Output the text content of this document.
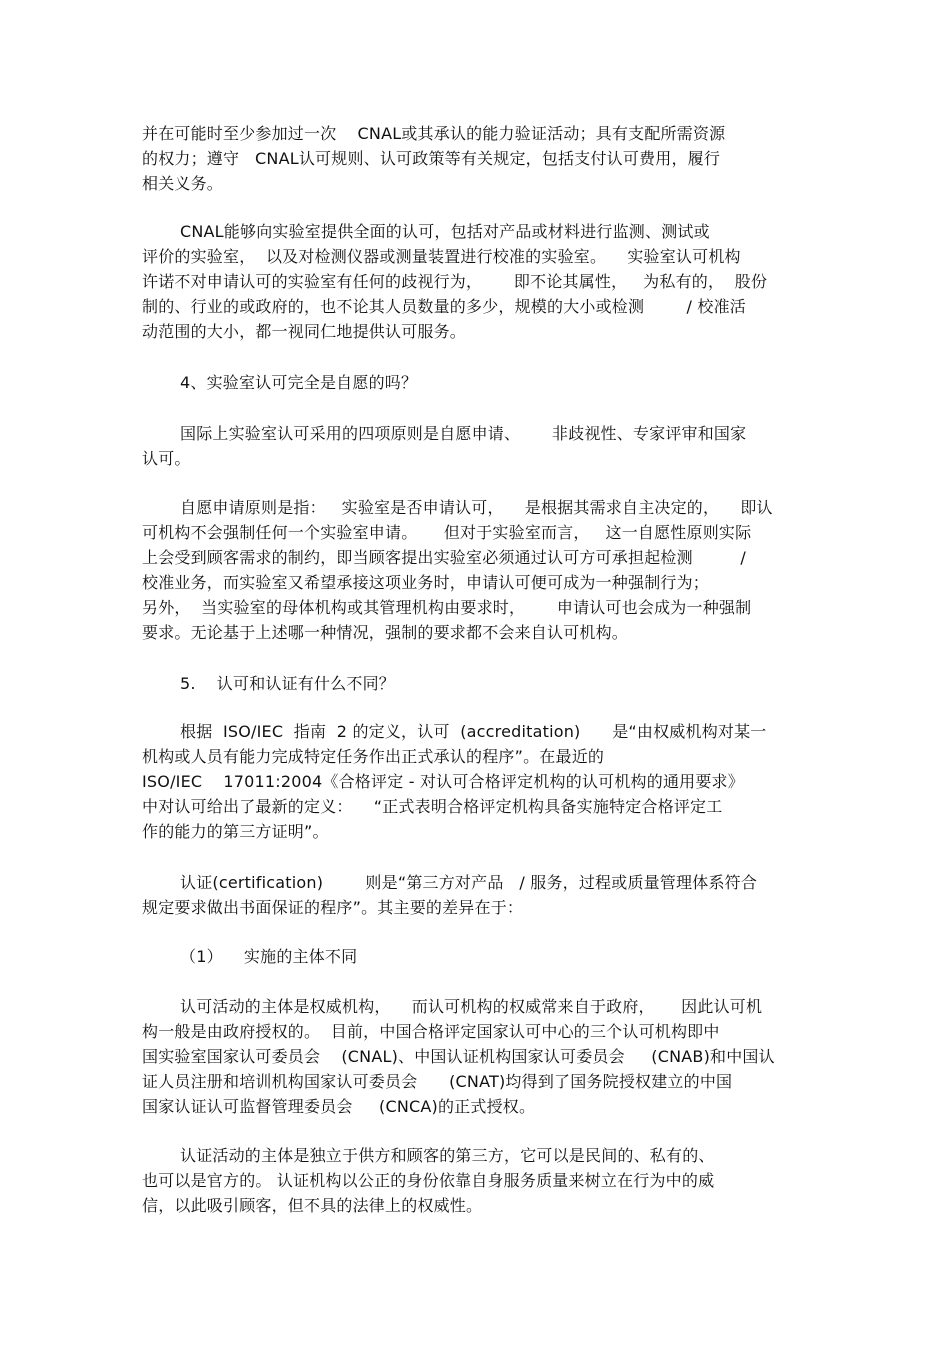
并在可能时至少参加过一次    CNAL或其承认的能力验证活动；具有支配所需资源
的权力；遵守   CNAL认可规则、认可政策等有关规定，包括支付认可费用，履行
相关义务。
CNAL能够向实验室提供全面的认可，包括对产品或材料进行监测、测试或
评价的实验室，  以及对检测仪器或测量装置进行校准的实验室。    实验室认可机构
许诺不对申请认可的实验室有任何的歧视行为，      即不论其属性，   为私有的，  股份
制的、行业的或政府的，也不论其人员数量的多少，规模的大小或检测        / 校准活
动范围的大小，都一视同仁地提供认可服务。
4、实验室认可完全是自愿的吗？
国际上实验室认可采用的四项原则是自愿申请、      非歧视性、专家评审和国家
认可。
自愿申请原则是指：   实验室是否申请认可，    是根据其需求自主决定的，    即认
可机构不会强制任何一个实验室申请。     但对于实验室而言，   这一自愿性原则实际
上会受到顾客需求的制约，即当顾客提出实验室必须通过认可方可承担起检测         /
校准业务，而实验室又希望承接这项业务时，申请认可便可成为一种强制行为；
另外，  当实验室的母体机构或其管理机构由要求时，      申请认可也会成为一种强制
要求。无论基于上述哪一种情况，强制的要求都不会来自认可机构。
5.    认可和认证有什么不同？
根据  ISO/IEC  指南  2 的定义，认可  (accreditation)      是“由权威机构对某一
机构或人员有能力完成特定任务作出正式承认的程序”。在最近的
ISO/IEC    17011:2004《合格评定 - 对认可合格评定机构的认可机构的通用要求》
中对认可给出了最新的定义：    “正式表明合格评定机构具备实施特定合格评定工
作的能力的第三方证明”。
认证(certification)        则是“第三方对产品   / 服务，过程或质量管理体系符合
规定要求做出书面保证的程序”。其主要的差异在于：
（1）    实施的主体不同
认可活动的主体是权威机构，    而认可机构的权威常来自于政府，     因此认可机
构一般是由政府授权的。  目前，中国合格评定国家认可中心的三个认可机构即中
国实验室国家认可委员会    (CNAL)、中国认证机构国家认可委员会     (CNAB)和中国认
证人员注册和培训机构国家认可委员会      (CNAT)均得到了国务院授权建立的中国
国家认证认可监督管理委员会     (CNCA)的正式授权。
认证活动的主体是独立于供方和顾客的第三方，它可以是民间的、私有的、
也可以是官方的。 认证机构以公正的身份依靠自身服务质量来树立在行为中的威
信，以此吸引顾客，但不具的法律上的权威性。
